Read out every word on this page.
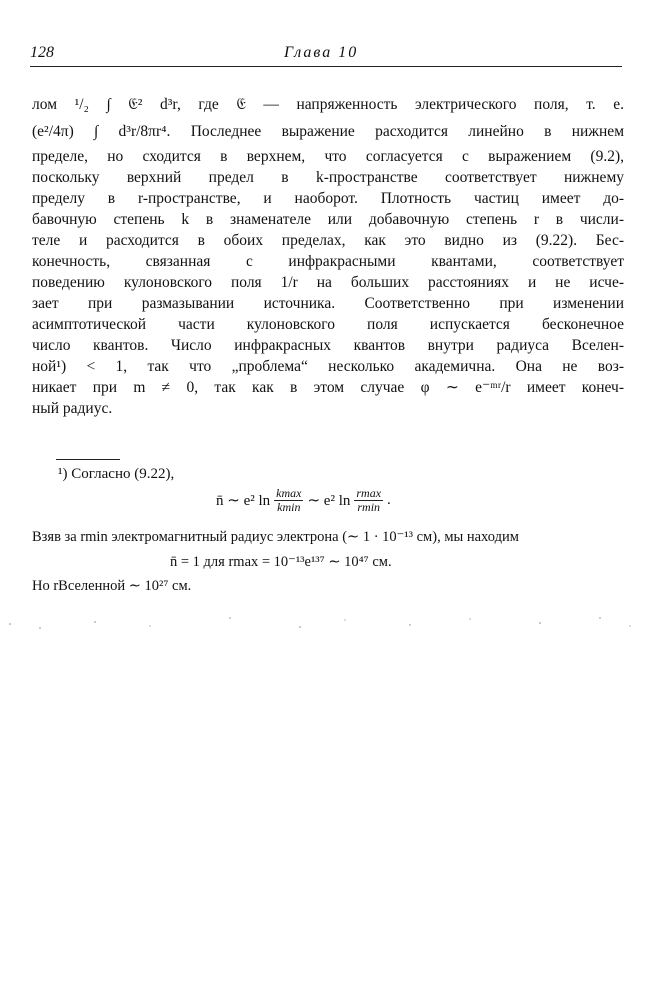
128	Глава 10
лом ¹/₂ ∫ 𝔈² d³r, где 𝔈 — напряженность электрического поля, т. е.
(e²/4π) ∫ d³r/8πr⁴. Последнее выражение расходится линейно в нижнем
пределе, но сходится в верхнем, что согласуется с выражением (9.2),
поскольку верхний предел в k-пространстве соответствует нижнему
пределу в r-пространстве, и наоборот. Плотность частиц имеет до-
бавочную степень k в знаменателе или добавочную степень r в числи-
теле и расходится в обоих пределах, как это видно из (9.22). Бес-
конечность, связанная с инфракрасными квантами, соответствует
поведению кулоновского поля 1/r на больших расстояниях и не исче-
зает при размазывании источника. Соответственно при изменении
асимптотической части кулоновского поля испускается бесконечное
число квантов. Число инфракрасных квантов внутри радиуса Вселен-
ной¹) < 1, так что „проблема“ несколько академична. Она не воз-
никает при m ≠ 0, так как в этом случае φ ∼ e⁻ᵐʳ/r имеет конеч-
ный радиус.
¹) Согласно (9.22),
n̄ ∼ e² $\ln \frac{kmax}{kmin}$ ∼ e² $\ln \frac{rmax}{rmin}$ .
Взяв за rmin электромагнитный радиус электрона (∼ 1 · 10⁻¹³ см), мы находим
n̄ = 1 для rmax = 10⁻¹³e¹³⁷ ∼ 10⁴⁷ см.
Но rВселенной ∼ 10²⁷ см.
